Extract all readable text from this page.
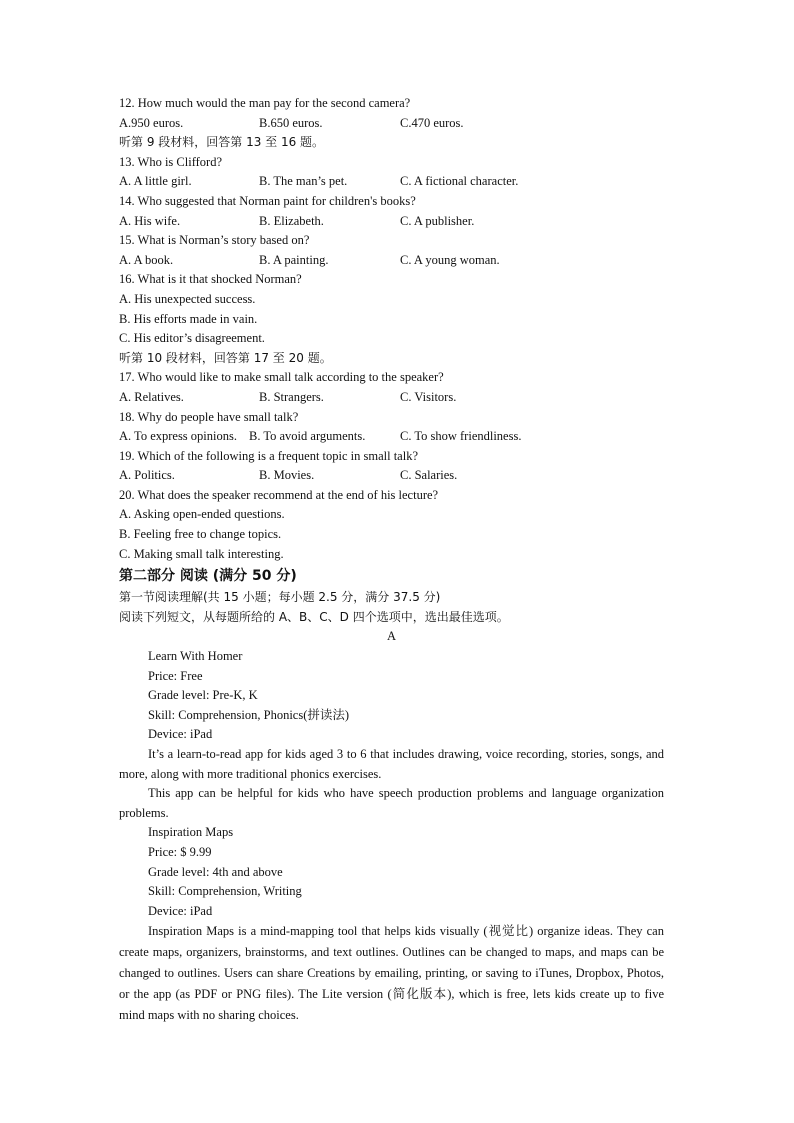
12. How much would the man pay for the second camera?
A.950 euros.	B.650 euros.	C.470 euros.
听第 9 段材料，回答第 13 至 16 题。
13. Who is Clifford?
A. A little girl.	B. The man’s pet.	C. A fictional character.
14. Who suggested that Norman paint for children's books?
A. His wife.	B. Elizabeth.	C. A publisher.
15. What is Norman’s story based on?
A. A book.	B. A painting.	C. A young woman.
16. What is it that shocked Norman?
A. His unexpected success.
B. His efforts made in vain.
C. His editor’s disagreement.
听第 10 段材料，回答第 17 至 20 题。
17. Who would like to make small talk according to the speaker?
A. Relatives.	B. Strangers.	C. Visitors.
18. Why do people have small talk?
A. To express opinions. B. To avoid arguments.	C. To show friendliness.
19. Which of the following is a frequent topic in small talk?
A. Politics.	B. Movies.	C. Salaries.
20. What does the speaker recommend at the end of his lecture?
A. Asking open-ended questions.
B. Feeling free to change topics.
C. Making small talk interesting.
第二部分 阅读 (满分 50 分)
第一节阅读理解(共 15 小题；每小题 2.5 分，满分 37.5 分)
阅读下列短文，从每题所给的 A、B、C、D 四个选项中，选出最佳选项。
A
Learn With Homer
Price: Free
Grade level: Pre-K, K
Skill: Comprehension, Phonics(拼读法)
Device: iPad
It’s a learn-to-read app for kids aged 3 to 6 that includes drawing, voice recording, stories, songs, and more, along with more traditional phonics exercises.
This app can be helpful for kids who have speech production problems and language organization problems.
Inspiration Maps
Price: $ 9.99
Grade level: 4th and above
Skill: Comprehension, Writing
Device: iPad
Inspiration Maps is a mind-mapping tool that helps kids visually (视觉比) organize ideas. They can create maps, organizers, brainstorms, and text outlines. Outlines can be changed to maps, and maps can be changed to outlines. Users can share Creations by emailing, printing, or saving to iTunes, Dropbox, Photos, or the app (as PDF or PNG files). The Lite version (简化版本), which is free, lets kids create up to five mind maps with no sharing choices.
